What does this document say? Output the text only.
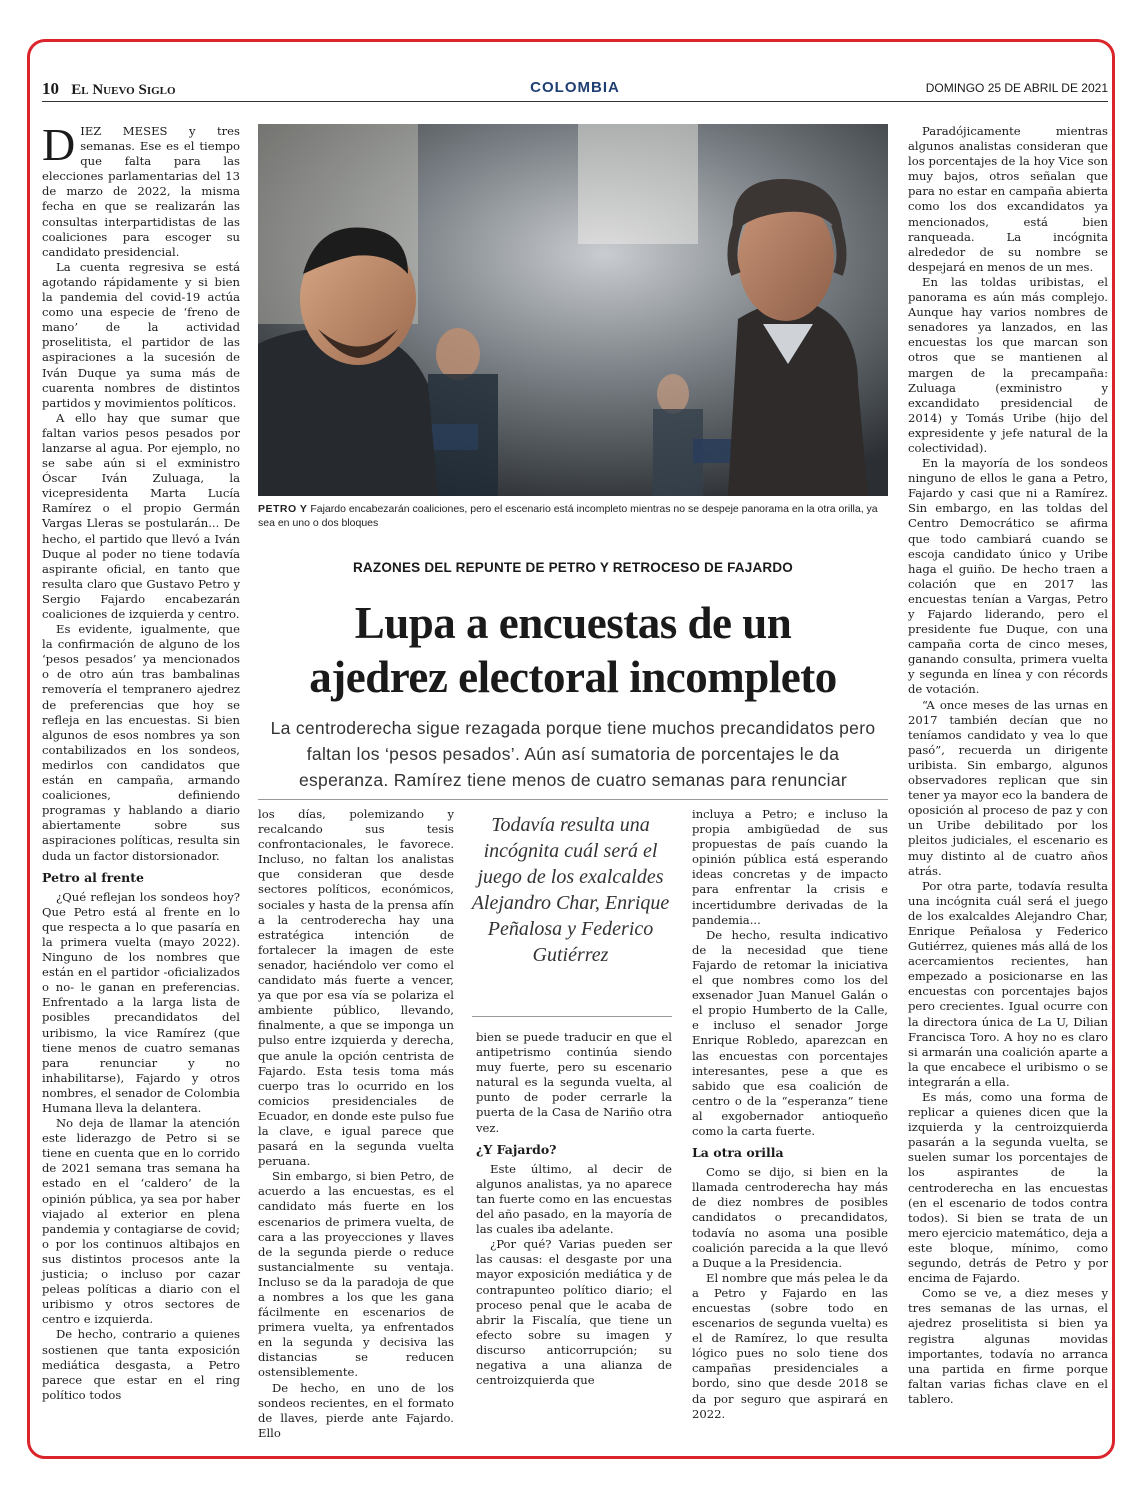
10 El Nuevo Siglo	COLOMBIA	DOMINGO 25 DE ABRIL DE 2021

DIEZ MESES y tres semanas. Ese es el tiempo que falta para las elecciones parlamentarias del 13 de marzo de 2022, la misma fecha en que se realizarán las consultas interpartidistas de las coaliciones para escoger su candidato presidencial.

La cuenta regresiva se está agotando rápidamente y si bien la pandemia del covid-19 actúa como una especie de ‘freno de mano’ de la actividad proselitista, el partidor de las aspiraciones a la sucesión de Iván Duque ya suma más de cuarenta nombres de distintos partidos y movimientos políticos.

A ello hay que sumar que faltan varios pesos pesados por lanzarse al agua. Por ejemplo, no se sabe aún si el exministro Óscar Iván Zuluaga, la vicepresidenta Marta Lucía Ramírez o el propio Germán Vargas Lleras se postularán... De hecho, el partido que llevó a Iván Duque al poder no tiene todavía aspirante oficial, en tanto que resulta claro que Gustavo Petro y Sergio Fajardo encabezarán coaliciones de izquierda y centro.

Es evidente, igualmente, que la confirmación de alguno de los ‘pesos pesados’ ya mencionados o de otro aún tras bambalinas removería el tempranero ajedrez de preferencias que hoy se refleja en las encuestas. Si bien algunos de esos nombres ya son contabilizados en los sondeos, medirlos con candidatos que están en campaña, armando coaliciones, definiendo programas y hablando a diario abiertamente sobre sus aspiraciones políticas, resulta sin duda un factor distorsionador.

Petro al frente

¿Qué reflejan los sondeos hoy? Que Petro está al frente en lo que respecta a lo que pasaría en la primera vuelta (mayo 2022). Ninguno de los nombres que están en el partidor -oficializados o no- le ganan en preferencias. Enfrentado a la larga lista de posibles precandidatos del uribismo, la vice Ramírez (que tiene menos de cuatro semanas para renunciar y no inhabilitarse), Fajardo y otros nombres, el senador de Colombia Humana lleva la delantera.

No deja de llamar la atención este liderazgo de Petro si se tiene en cuenta que en lo corrido de 2021 semana tras semana ha estado en el ‘caldero’ de la opinión pública, ya sea por haber viajado al exterior en plena pandemia y contagiarse de covid; o por los continuos altibajos en sus distintos procesos ante la justicia; o incluso por cazar peleas políticas a diario con el uribismo y otros sectores de centro e izquierda.

De hecho, contrario a quienes sostienen que tanta exposición mediática desgasta, a Petro parece que estar en el ring político todos

PETRO Y Fajardo encabezarán coaliciones, pero el escenario está incompleto mientras no se despeje panorama en la otra orilla, ya sea en uno o dos bloques
RAZONES DEL REPUNTE DE PETRO Y RETROCESO DE FAJARDO
Lupa a encuestas de un
ajedrez electoral incompleto
La centroderecha sigue rezagada porque tiene muchos precandidatos pero faltan los ‘pesos pesados’. Aún así sumatoria de porcentajes le da esperanza. Ramírez tiene menos de cuatro semanas para renunciar

los días, polemizando y recalcando sus tesis confrontacionales, le favorece. Incluso, no faltan los analistas que consideran que desde sectores políticos, económicos, sociales y hasta de la prensa afín a la centroderecha hay una estratégica intención de fortalecer la imagen de este senador, haciéndolo ver como el candidato más fuerte a vencer, ya que por esa vía se polariza el ambiente público, llevando, finalmente, a que se imponga un pulso entre izquierda y derecha, que anule la opción centrista de Fajardo. Esta tesis toma más cuerpo tras lo ocurrido en los comicios presidenciales de Ecuador, en donde este pulso fue la clave, e igual parece que pasará en la segunda vuelta peruana.

Sin embargo, si bien Petro, de acuerdo a las encuestas, es el candidato más fuerte en los escenarios de primera vuelta, de cara a las proyecciones y llaves de la segunda pierde o reduce sustancialmente su ventaja. Incluso se da la paradoja de que a nombres a los que les gana fácilmente en escenarios de primera vuelta, ya enfrentados en la segunda y decisiva las distancias se reducen ostensiblemente.

De hecho, en uno de los sondeos recientes, en el formato de llaves, pierde ante Fajardo. Ello

Todavía resulta una incógnita cuál será el juego de los exalcaldes Alejandro Char, Enrique Peñalosa y Federico Gutiérrez

bien se puede traducir en que el antipetrismo continúa siendo muy fuerte, pero su escenario natural es la segunda vuelta, al punto de poder cerrarle la puerta de la Casa de Nariño otra vez.

¿Y Fajardo?

Este último, al decir de algunos analistas, ya no aparece tan fuerte como en las encuestas del año pasado, en la mayoría de las cuales iba adelante.

¿Por qué? Varias pueden ser las causas: el desgaste por una mayor exposición mediática y de contrapunteo político diario; el proceso penal que le acaba de abrir la Fiscalía, que tiene un efecto sobre su imagen y discurso anticorrupción; su negativa a una alianza de centroizquierda que

incluya a Petro; e incluso la propia ambigüedad de sus propuestas de país cuando la opinión pública está esperando ideas concretas y de impacto para enfrentar la crisis e incertidumbre derivadas de la pandemia...

De hecho, resulta indicativo de la necesidad que tiene Fajardo de retomar la iniciativa el que nombres como los del exsenador Juan Manuel Galán o el propio Humberto de la Calle, e incluso el senador Jorge Enrique Robledo, aparezcan en las encuestas con porcentajes interesantes, pese a que es sabido que esa coalición de centro o de la “esperanza” tiene al exgobernador antioqueño como la carta fuerte.

La otra orilla

Como se dijo, si bien en la llamada centroderecha hay más de diez nombres de posibles candidatos o precandidatos, todavía no asoma una posible coalición parecida a la que llevó a Duque a la Presidencia.

El nombre que más pelea le da a Petro y Fajardo en las encuestas (sobre todo en escenarios de segunda vuelta) es el de Ramírez, lo que resulta lógico pues no solo tiene dos campañas presidenciales a bordo, sino que desde 2018 se da por seguro que aspirará en 2022.

Paradójicamente mientras algunos analistas consideran que los porcentajes de la hoy Vice son muy bajos, otros señalan que para no estar en campaña abierta como los dos excandidatos ya mencionados, está bien ranqueada. La incógnita alrededor de su nombre se despejará en menos de un mes.

En las toldas uribistas, el panorama es aún más complejo. Aunque hay varios nombres de senadores ya lanzados, en las encuestas los que marcan son otros que se mantienen al margen de la precampaña: Zuluaga (exministro y excandidato presidencial de 2014) y Tomás Uribe (hijo del expresidente y jefe natural de la colectividad).

En la mayoría de los sondeos ninguno de ellos le gana a Petro, Fajardo y casi que ni a Ramírez. Sin embargo, en las toldas del Centro Democrático se afirma que todo cambiará cuando se escoja candidato único y Uribe haga el guiño. De hecho traen a colación que en 2017 las encuestas tenían a Vargas, Petro y Fajardo liderando, pero el presidente fue Duque, con una campaña corta de cinco meses, ganando consulta, primera vuelta y segunda en línea y con récords de votación.

“A once meses de las urnas en 2017 también decían que no teníamos candidato y vea lo que pasó”, recuerda un dirigente uribista. Sin embargo, algunos observadores replican que sin tener ya mayor eco la bandera de oposición al proceso de paz y con un Uribe debilitado por los pleitos judiciales, el escenario es muy distinto al de cuatro años atrás.

Por otra parte, todavía resulta una incógnita cuál será el juego de los exalcaldes Alejandro Char, Enrique Peñalosa y Federico Gutiérrez, quienes más allá de los acercamientos recientes, han empezado a posicionarse en las encuestas con porcentajes bajos pero crecientes. Igual ocurre con la directora única de La U, Dilian Francisca Toro. A hoy no es claro si armarán una coalición aparte a la que encabece el uribismo o se integrarán a ella.

Es más, como una forma de replicar a quienes dicen que la izquierda y la centroizquierda pasarán a la segunda vuelta, se suelen sumar los porcentajes de los aspirantes de la centroderecha en las encuestas (en el escenario de todos contra todos). Si bien se trata de un mero ejercicio matemático, deja a este bloque, mínimo, como segundo, detrás de Petro y por encima de Fajardo.

Como se ve, a diez meses y tres semanas de las urnas, el ajedrez proselitista si bien ya registra algunas movidas importantes, todavía no arranca una partida en firme porque faltan varias fichas clave en el tablero.
